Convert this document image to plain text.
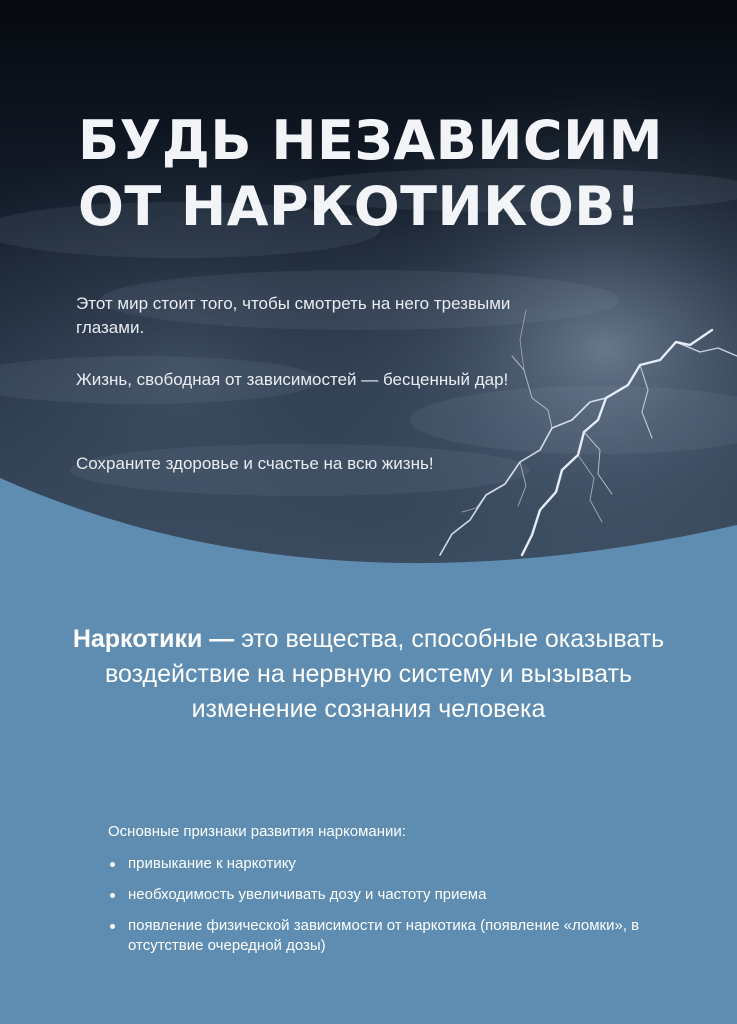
БУДЬ НЕЗАВИСИМ
ОТ НАРКОТИКОВ!

Этот мир стоит того, чтобы смотреть на него трезвыми глазами.

Жизнь, свободная от зависимостей — бесценный дар!

Сохраните здоровье и счастье на всю жизнь!

Наркотики — это вещества, способные оказывать воздействие на нервную систему и вызывать изменение сознания человека

Основные признаки развития наркомании:

привыкание к наркотику
необходимость увеличивать дозу и частоту приема
появление физической зависимости от наркотика (появление «ломки», в отсутствие очередной дозы)
